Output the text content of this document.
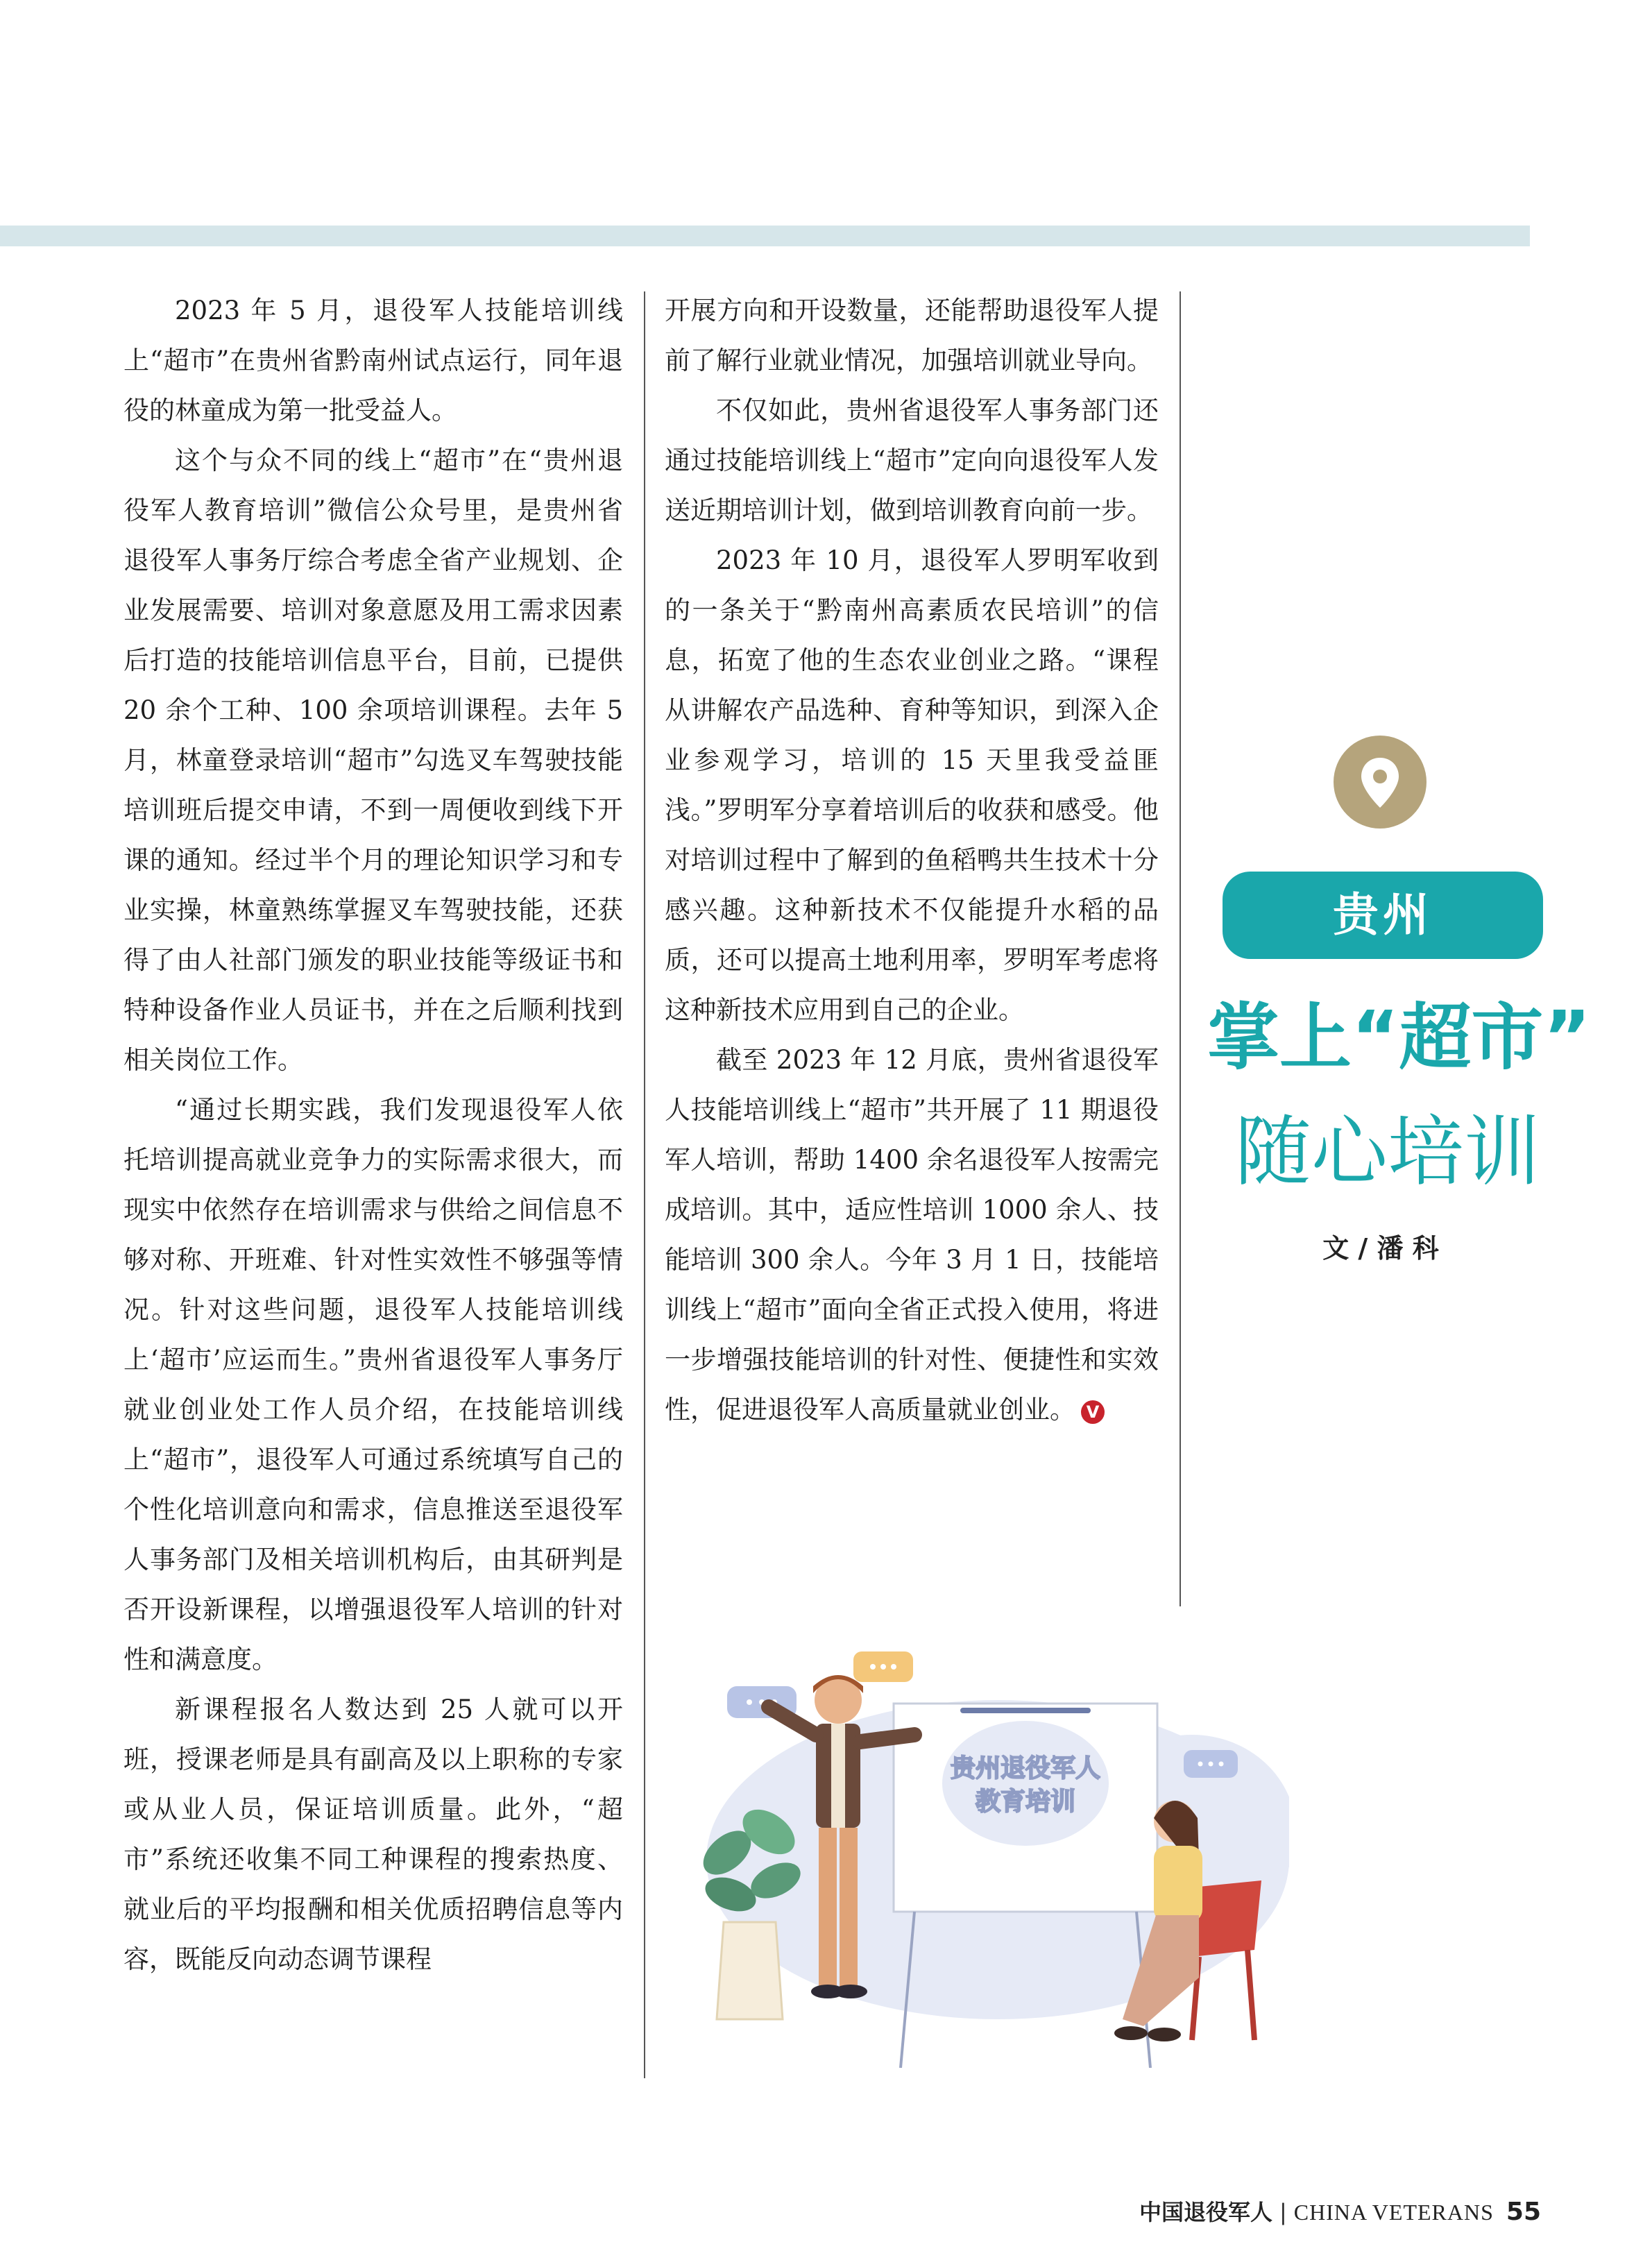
2023 年 5 月，退役军人技能培训线上“超市”在贵州省黔南州试点运行，同年退役的林童成为第一批受益人。

这个与众不同的线上“超市”在“贵州退役军人教育培训”微信公众号里，是贵州省退役军人事务厅综合考虑全省产业规划、企业发展需要、培训对象意愿及用工需求因素后打造的技能培训信息平台，目前，已提供 20 余个工种、100 余项培训课程。去年 5 月，林童登录培训“超市”勾选叉车驾驶技能培训班后提交申请，不到一周便收到线下开课的通知。经过半个月的理论知识学习和专业实操，林童熟练掌握叉车驾驶技能，还获得了由人社部门颁发的职业技能等级证书和特种设备作业人员证书，并在之后顺利找到相关岗位工作。

“通过长期实践，我们发现退役军人依托培训提高就业竞争力的实际需求很大，而现实中依然存在培训需求与供给之间信息不够对称、开班难、针对性实效性不够强等情况。针对这些问题，退役军人技能培训线上‘超市’应运而生。”贵州省退役军人事务厅就业创业处工作人员介绍，在技能培训线上“超市”，退役军人可通过系统填写自己的个性化培训意向和需求，信息推送至退役军人事务部门及相关培训机构后，由其研判是否开设新课程，以增强退役军人培训的针对性和满意度。

新课程报名人数达到 25 人就可以开班，授课老师是具有副高及以上职称的专家或从业人员，保证培训质量。此外，“超市”系统还收集不同工种课程的搜索热度、就业后的平均报酬和相关优质招聘信息等内容，既能反向动态调节课程

开展方向和开设数量，还能帮助退役军人提前了解行业就业情况，加强培训就业导向。

不仅如此，贵州省退役军人事务部门还通过技能培训线上“超市”定向向退役军人发送近期培训计划，做到培训教育向前一步。

2023 年 10 月，退役军人罗明军收到的一条关于“黔南州高素质农民培训”的信息，拓宽了他的生态农业创业之路。“课程从讲解农产品选种、育种等知识，到深入企业参观学习，培训的 15 天里我受益匪浅。”罗明军分享着培训后的收获和感受。他对培训过程中了解到的鱼稻鸭共生技术十分感兴趣。这种新技术不仅能提升水稻的品质，还可以提高土地利用率，罗明军考虑将这种新技术应用到自己的企业。

截至 2023 年 12 月底，贵州省退役军人技能培训线上“超市”共开展了 11 期退役军人培训，帮助 1400 余名退役军人按需完成培训。其中，适应性培训 1000 余人、技能培训 300 余人。今年 3 月 1 日，技能培训线上“超市”面向全省正式投入使用，将进一步增强技能培训的针对性、便捷性和实效性，促进退役军人高质量就业创业。 V

贵州
掌上“超市”
随心培训
文 / 潘 科
贵州退役军人
教育培训
中国退役军人 | CHINA VETERANS 55
